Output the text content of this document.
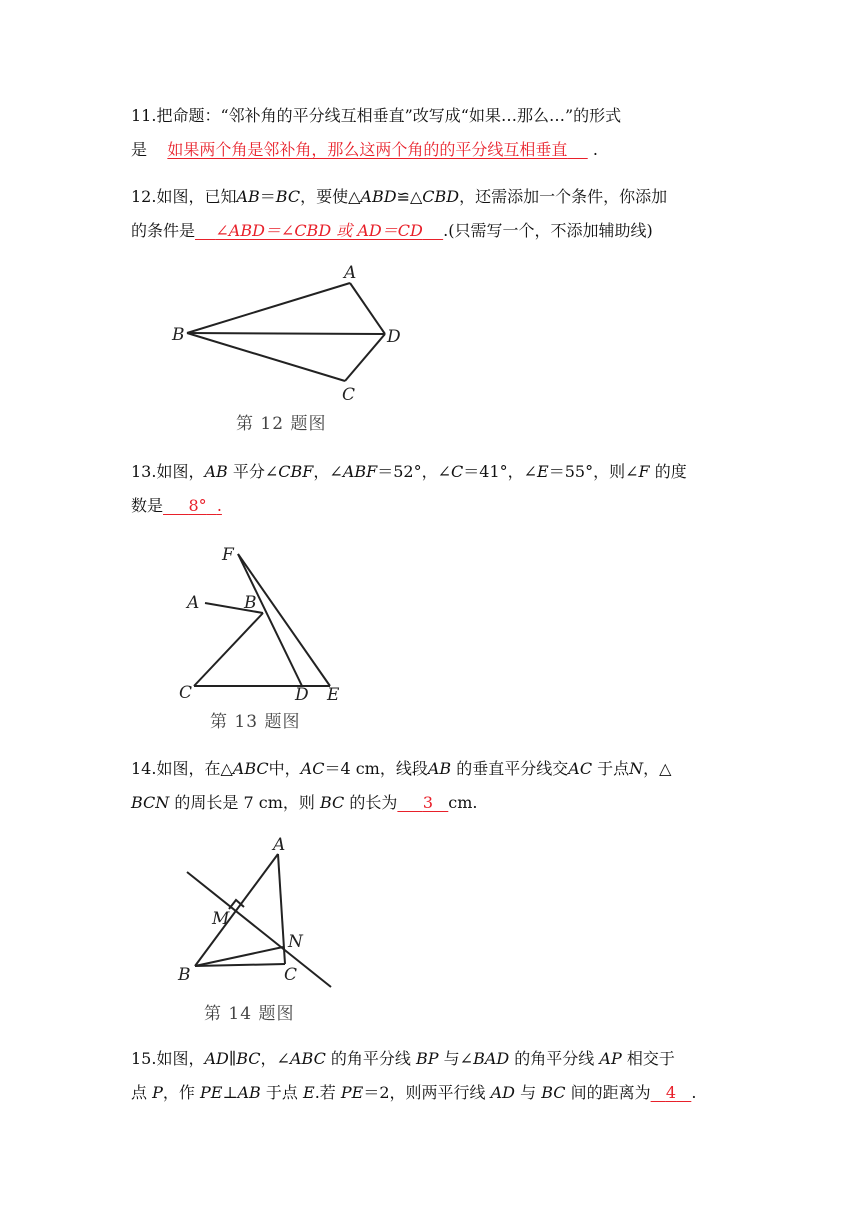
11.把命题：“邻补角的平分线互相垂直”改写成“如果…那么…”的形式
是 如果两个角是邻补角，那么这两个角的的平分线互相垂直 .
12.如图，已知AB＝BC，要使△ABD≌△CBD，还需添加一个条件，你添加
的条件是 ∠ABD＝∠CBD 或 AD＝CD .(只需写一个，不添加辅助线)
A
B	D
C
第 12 题图
13.如图，AB 平分∠CBF，∠ABF＝52°，∠C＝41°，∠E＝55°，则∠F 的度
数是 8° .
F
A	B
C	D E
第 13 题图
14.如图，在△ABC中，AC＝4 cm，线段AB 的垂直平分线交AC 于点N，△
BCN 的周长是 7 cm，则 BC 的长为 3 cm.
A
M
N
B	C
第 14 题图
15.如图，AD∥BC，∠ABC 的角平分线 BP 与∠BAD 的角平分线 AP 相交于
点 P，作 PE⊥AB 于点 E.若 PE＝2，则两平行线 AD 与 BC 间的距离为 4 .
